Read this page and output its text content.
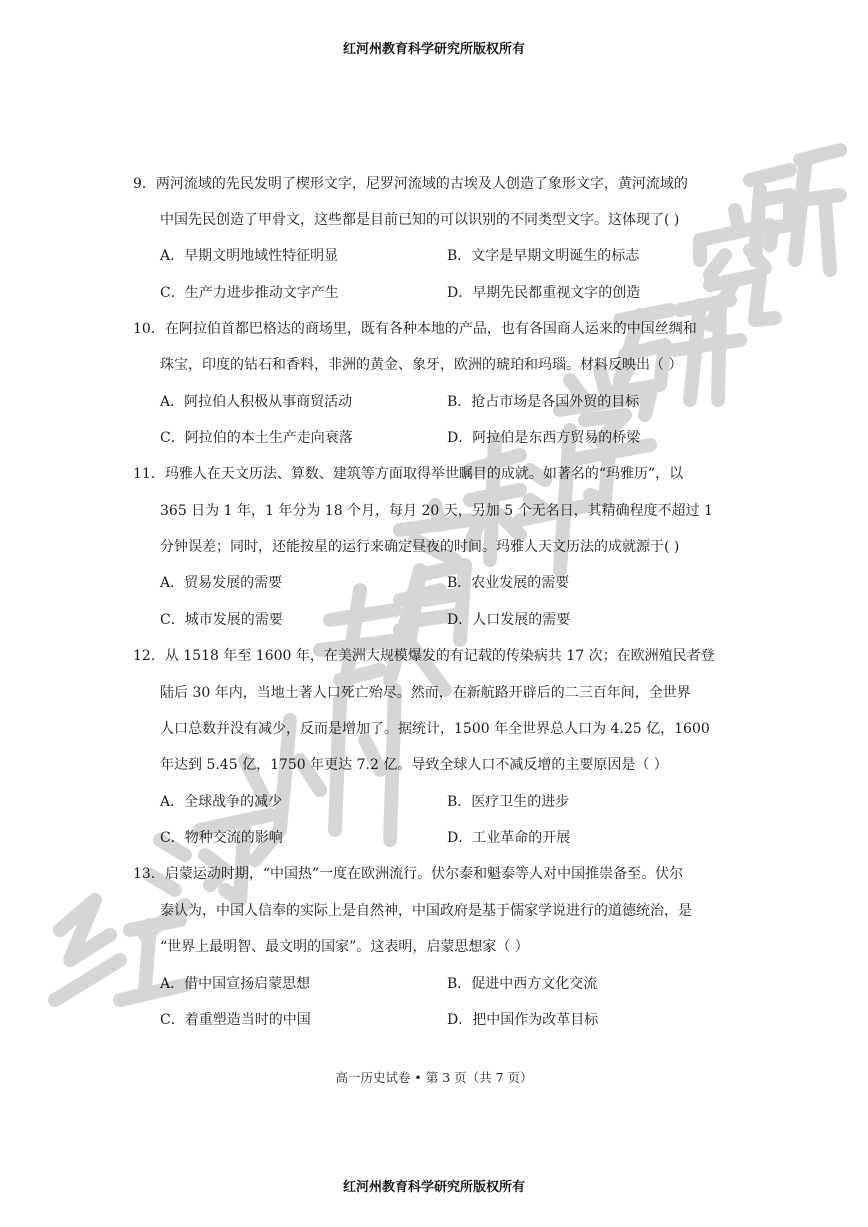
红河州教育科学研究所版权所有
9．两河流域的先民发明了楔形文字，尼罗河流域的古埃及人创造了象形文字，黄河流域的
中国先民创造了甲骨文，这些都是目前已知的可以识别的不同类型文字。这体现了( )
A．早期文明地域性特征明显	B．文字是早期文明诞生的标志
C．生产力进步推动文字产生	D．早期先民都重视文字的创造
10．在阿拉伯首都巴格达的商场里，既有各种本地的产品，也有各国商人运来的中国丝绸和
珠宝，印度的钻石和香料，非洲的黄金、象牙，欧洲的琥珀和玛瑙。材料反映出（ ）
A．阿拉伯人积极从事商贸活动	B．抢占市场是各国外贸的目标
C．阿拉伯的本土生产走向衰落	D．阿拉伯是东西方贸易的桥梁
11．玛雅人在天文历法、算数、建筑等方面取得举世瞩目的成就。如著名的“玛雅历”，以
365 日为 1 年，1 年分为 18 个月，每月 20 天，另加 5 个无名日，其精确程度不超过 1
分钟误差；同时，还能按星的运行来确定昼夜的时间。玛雅人天文历法的成就源于( )
A．贸易发展的需要	B．农业发展的需要
C．城市发展的需要	D．人口发展的需要
12．从 1518 年至 1600 年，在美洲大规模爆发的有记载的传染病共 17 次；在欧洲殖民者登
陆后 30 年内，当地土著人口死亡殆尽。然而，在新航路开辟后的二三百年间，全世界
人口总数并没有减少，反而是增加了。据统计，1500 年全世界总人口为 4.25 亿，1600
年达到 5.45 亿，1750 年更达 7.2 亿。导致全球人口不减反增的主要原因是（ ）
A．全球战争的减少	B．医疗卫生的进步
C．物种交流的影响	D．工业革命的开展
13．启蒙运动时期，“中国热”一度在欧洲流行。伏尔泰和魁泰等人对中国推崇备至。伏尔
泰认为，中国人信奉的实际上是自然神，中国政府是基于儒家学说进行的道德统治，是
“世界上最明智、最文明的国家”。这表明，启蒙思想家（ ）
A．借中国宣扬启蒙思想	B．促进中西方文化交流
C．着重塑造当时的中国	D．把中国作为改革目标
高一历史试卷 • 第 3 页（共 7 页）
红河州教育科学研究所版权所有
